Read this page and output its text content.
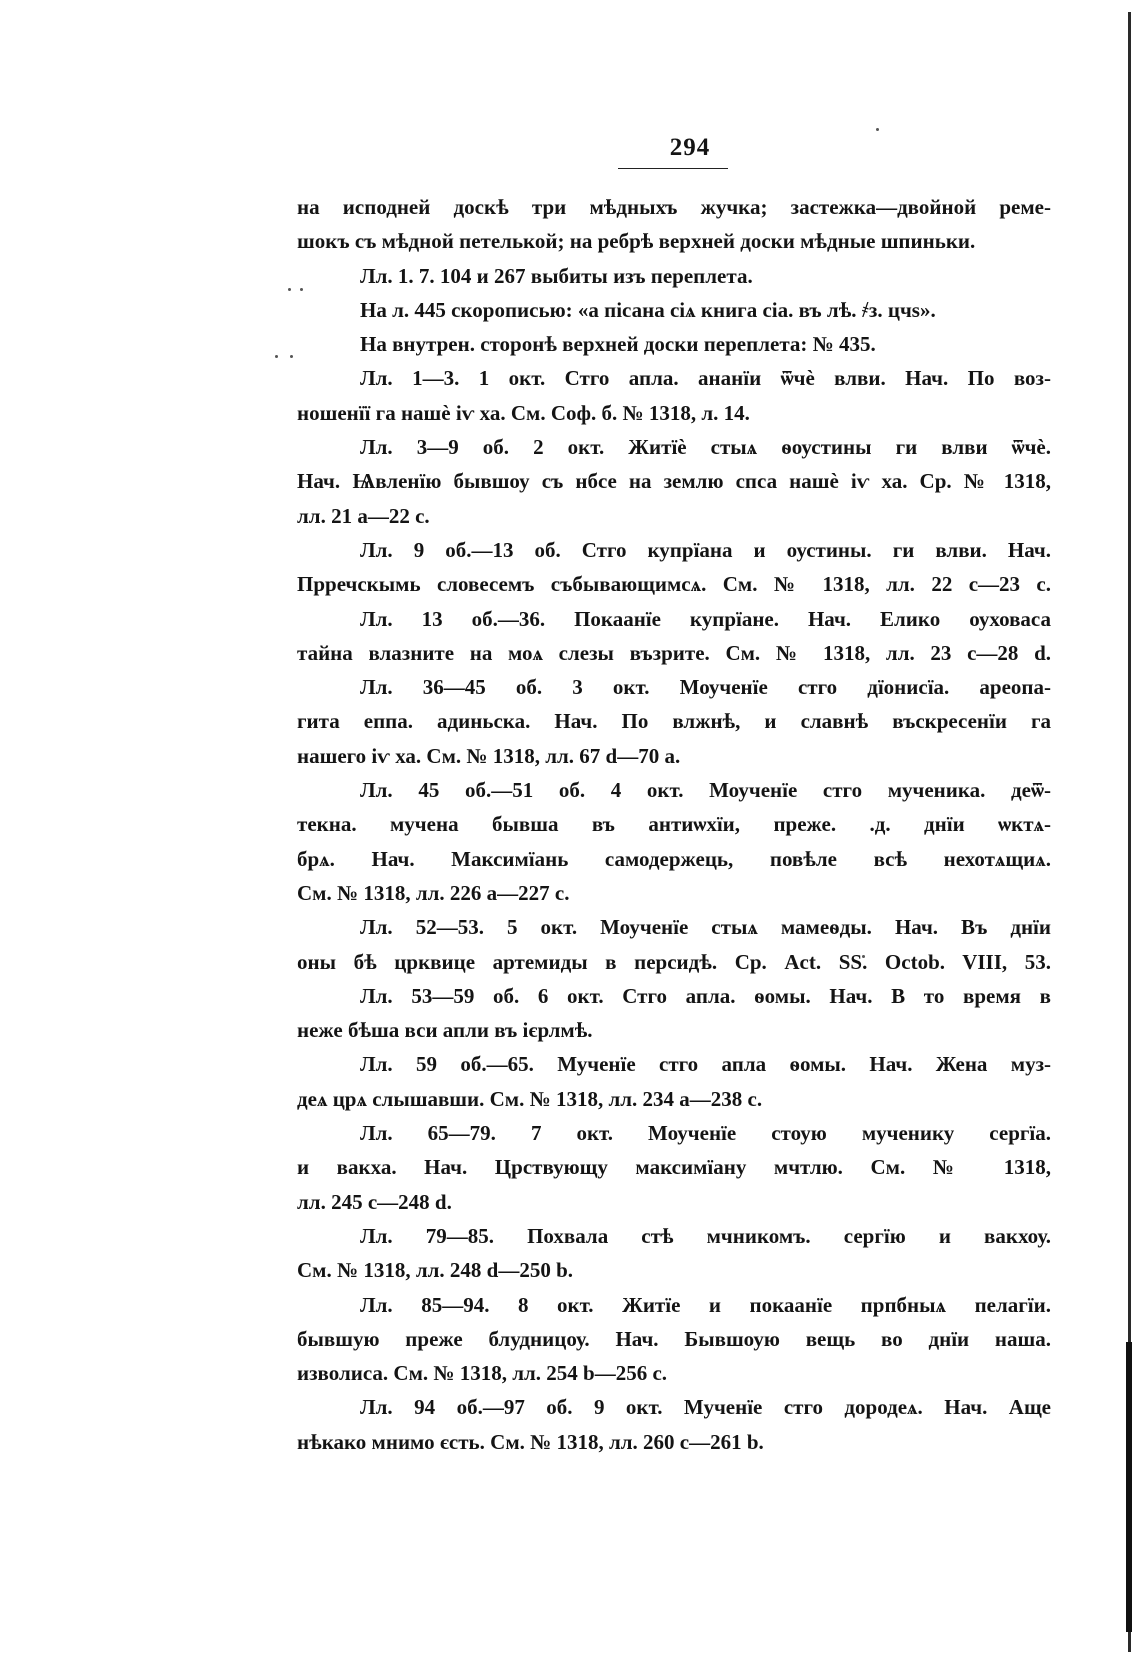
294
на исподней доскѣ три мѣдныхъ жучка; застежка—двойной реме-
шокъ съ мѣдной петелькой; на ребрѣ верхней доски мѣдные шпиньки.
Лл. 1. 7. 104 и 267 выбиты изъ переплета.
На л. 445 скорописью: «а пісана сіѧ книга сіа. въ лѣ. ҂з. цчѕ».
На внутрен. сторонѣ верхней доски переплета: № 435.
Лл. 1—3. 1 окт. Стго апла. ананїи ѿчѐ влви. Нач. По воз-
ношенїї га нашѐ іѵ ха. См. Соф. б. № 1318, л. 14.
Лл. 3—9 об. 2 окт. Житїѐ стыѧ ѳоустины ги влви ѿчѐ.
Нач. Ѩвленїю бывшоу съ нбсе на землю спса нашѐ іѵ ха. Ср. № 1318,
лл. 21 а—22 с.
Лл. 9 об.—13 об. Стго купрїана и оустины. ги влви. Нач.
Прречскымь словесемъ събывающимсѧ. См. № 1318, лл. 22 с—23 с.
Лл. 13 об.—36. Покаанїе купрїане. Нач. Елико оуховаса
тайна влазните на моѧ слезы възрите. См. № 1318, лл. 23 с—28 d.
Лл. 36—45 об. 3 окт. Моученїе стго дїонисїа. ареопа-
гита еппа. адиньска. Нач. По влжнѣ, и славнѣ въскресенїи га
нашего іѵ ха. См. № 1318, лл. 67 d—70 а.
Лл. 45 об.—51 об. 4 окт. Моученїе стго мученика. деѿ-
текна. мучена бывша въ антиѡхїи, преже. .д. днїи ѡктѧ-
брѧ. Нач. Максимїань самодержець, повѣле всѣ нехотѧщиѧ.
См. № 1318, лл. 226 а—227 с.
Лл. 52—53. 5 окт. Моученїе стыѧ мамеѳды. Нач. Въ днїи
оны бѣ црквице артемиды в персидѣ. Ср. Act. SS. Octob. VIII, 53.
Лл. 53—59 об. 6 окт. Стго апла. ѳомы. Нач. В то время в
неже бѣша вси апли въ ієрлмѣ.
Лл. 59 об.—65. Мученїе стго апла ѳомы. Нач. Жена муз-
деѧ црѧ слышавши. См. № 1318, лл. 234 а—238 с.
Лл. 65—79. 7 окт. Моученїе стоую мученику сергїа.
и вакха. Нач. Црствующу максимїану мчтлю. См. № 1318,
лл. 245 с—248 d.
Лл. 79—85. Похвала стѣ мчникомъ. сергїю и вакхоу.
См. № 1318, лл. 248 d—250 b.
Лл. 85—94. 8 окт. Житїе и покаанїе прпбныѧ пелагїи.
бывшую преже блудницоу. Нач. Бывшоую вещь во днїи наша.
изволиса. См. № 1318, лл. 254 b—256 с.
Лл. 94 об.—97 об. 9 окт. Мученїе стго дородеѧ. Нач. Аще
нѣкако мнимо єсть. См. № 1318, лл. 260 с—261 b.
